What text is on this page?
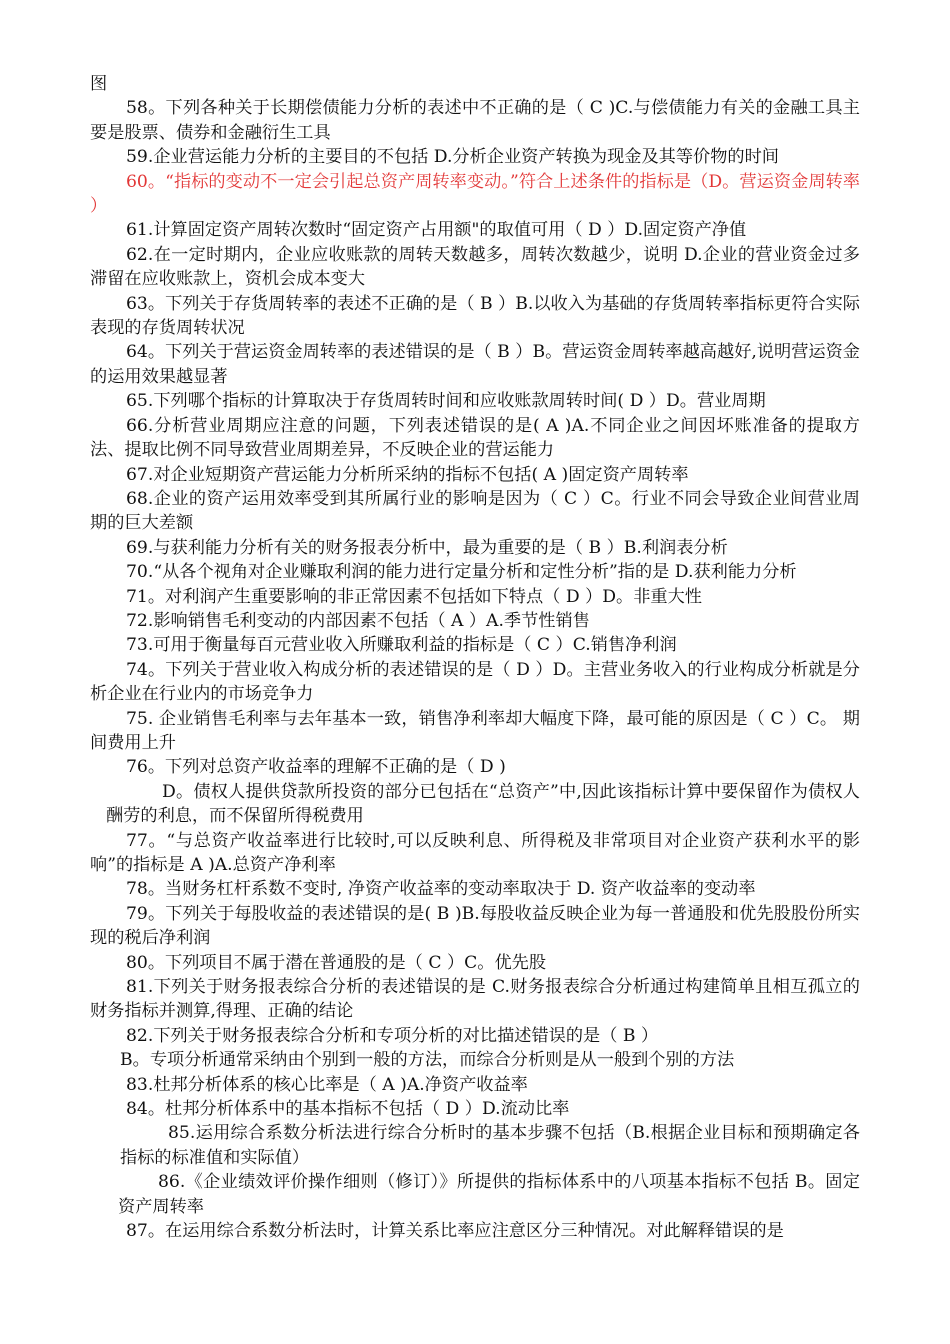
图

58。下列各种关于长期偿债能力分析的表述中不正确的是（ C )C.与偿债能力有关的金融工具主要是股票、债券和金融衍生工具

59.企业营运能力分析的主要目的不包括 D.分析企业资产转换为现金及其等价物的时间

60。“指标的变动不一定会引起总资产周转率变动。”符合上述条件的指标是（D。营运资金周转率 ）

61.计算固定资产周转次数时“固定资产占用额"的取值可用（ D ）D.固定资产净值

62.在一定时期内，企业应收账款的周转天数越多，周转次数越少，说明 D.企业的营业资金过多滞留在应收账款上，资机会成本变大

63。下列关于存货周转率的表述不正确的是（ B ）B.以收入为基础的存货周转率指标更符合实际表现的存货周转状况

64。下列关于营运资金周转率的表述错误的是（ B ）B。营运资金周转率越高越好,说明营运资金的运用效果越显著

65.下列哪个指标的计算取决于存货周转时间和应收账款周转时间( D ）D。营业周期

66.分析营业周期应注意的问题，下列表述错误的是( A )A.不同企业之间因坏账准备的提取方法、提取比例不同导致营业周期差异，不反映企业的营运能力

67.对企业短期资产营运能力分析所采纳的指标不包括( A )固定资产周转率

68.企业的资产运用效率受到其所属行业的影响是因为（ C ）C。行业不同会导致企业间营业周期的巨大差额

69.与获利能力分析有关的财务报表分析中，最为重要的是（ B ）B.利润表分析

70.“从各个视角对企业赚取利润的能力进行定量分析和定性分析”指的是 D.获利能力分析

71。对利润产生重要影响的非正常因素不包括如下特点（ D ）D。非重大性

72.影响销售毛利变动的内部因素不包括（ A ）A.季节性销售

73.可用于衡量每百元营业收入所赚取利益的指标是（ C ）C.销售净利润

74。下列关于营业收入构成分析的表述错误的是（ D ）D。主营业务收入的行业构成分析就是分析企业在行业内的市场竞争力

75. 企业销售毛利率与去年基本一致，销售净利率却大幅度下降，最可能的原因是（ C ）C。 期间费用上升

76。下列对总资产收益率的理解不正确的是（ D )

D。债权人提供贷款所投资的部分已包括在“总资产”中,因此该指标计算中要保留作为债权人酬劳的利息，而不保留所得税费用

77。“与总资产收益率进行比较时,可以反映利息、所得税及非常项目对企业资产获利水平的影响”的指标是 A )A.总资产净利率

78。当财务杠杆系数不变时, 净资产收益率的变动率取决于 D. 资产收益率的变动率

79。下列关于每股收益的表述错误的是( B )B.每股收益反映企业为每一普通股和优先股股份所实现的税后净利润

80。下列项目不属于潜在普通股的是（ C ）C。优先股

81.下列关于财务报表综合分析的表述错误的是 C.财务报表综合分析通过构建简单且相互孤立的财务指标并测算,得理、正确的结论

82.下列关于财务报表综合分析和专项分析的对比描述错误的是（ B ）

B。专项分析通常采纳由个别到一般的方法，而综合分析则是从一般到个别的方法

83.杜邦分析体系的核心比率是（ A )A.净资产收益率

84。杜邦分析体系中的基本指标不包括（ D ）D.流动比率

85.运用综合系数分析法进行综合分析时的基本步骤不包括（B.根据企业目标和预期确定各指标的标准值和实际值）

86.《企业绩效评价操作细则（修订）》所提供的指标体系中的八项基本指标不包括 B。固定资产周转率

87。在运用综合系数分析法时，计算关系比率应注意区分三种情况。对此解释错误的是
